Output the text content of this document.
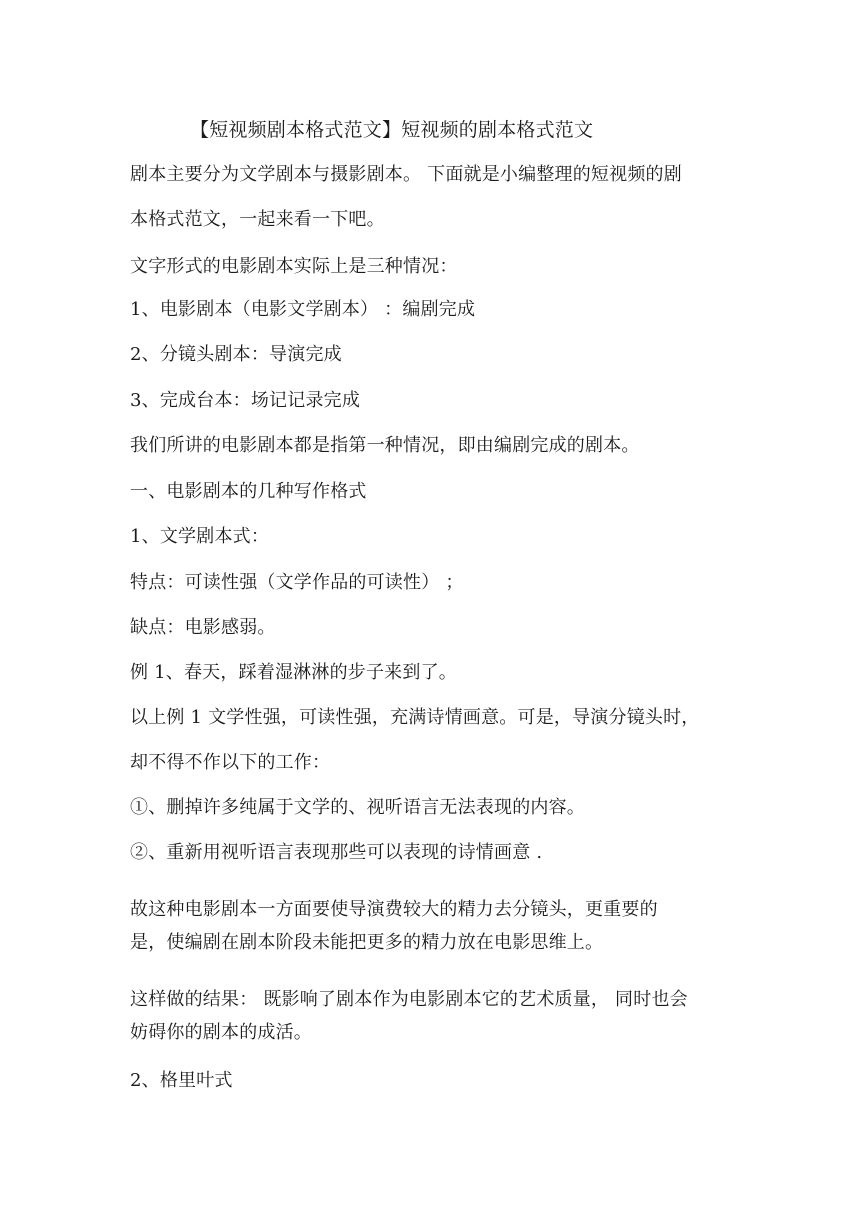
【短视频剧本格式范文】短视频的剧本格式范文
剧本主要分为文学剧本与摄影剧本。 下面就是小编整理的短视频的剧
本格式范文，一起来看一下吧。
文字形式的电影剧本实际上是三种情况：
1、电影剧本（电影文学剧本） ：编剧完成
2、分镜头剧本：导演完成
3、完成台本：场记记录完成
我们所讲的电影剧本都是指第一种情况，即由编剧完成的剧本。
一、电影剧本的几种写作格式
1、文学剧本式：
特点：可读性强（文学作品的可读性） ；
缺点：电影感弱。
例 1、春天，踩着湿淋淋的步子来到了。
以上例 1 文学性强，可读性强，充满诗情画意。可是，导演分镜头时，
却不得不作以下的工作：
①、删掉许多纯属于文学的、视听语言无法表现的内容。
②、重新用视听语言表现那些可以表现的诗情画意 .
故这种电影剧本一方面要使导演费较大的精力去分镜头，更重要的
是，使编剧在剧本阶段未能把更多的精力放在电影思维上。
这样做的结果： 既影响了剧本作为电影剧本它的艺术质量， 同时也会
妨碍你的剧本的成活。
2、格里叶式
